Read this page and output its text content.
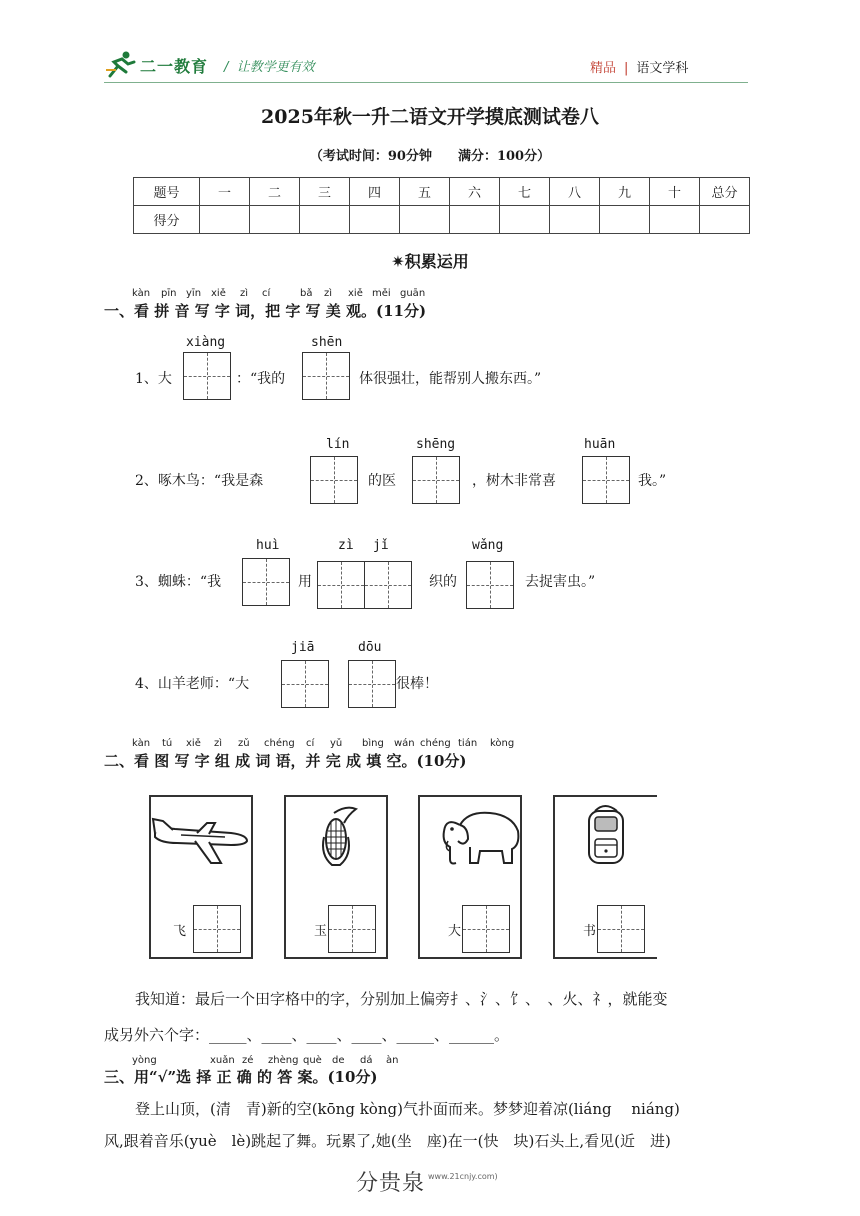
二一教育 /  让教学更有效	精品 | 语文学科
2025年秋一升二语文开学摸底测试卷八
（考试时间：90分钟　　满分：100分）
题号	一	二	三	四	五	六	七	八	九	十	总分
得分											
✷积累运用
kàn pīn yīn xiě zì cí	bǎ zì xiě měi guān
一、看 拼 音 写 字 词，把 字 写 美 观。(11分)
1、大
xiàng
：“我的
shēn
体很强壮，能帮别人搬东西。”
2、啄木鸟：“我是森
lín
的医
shēng
，树木非常喜
huān
我。”
3、蜘蛛：“我
huì
用
zì jǐ
织的
wǎng
去捉害虫。”
4、山羊老师：“大
jiā	dōu
很棒！
kàn tú xiě zì zǔ chéng cí yǔ bìng wán chéng tián kòng
二、看 图 写 字 组 成 词 语，并 完 成 填 空。(10分)
飞	玉	大	书
我知道：最后一个田字格中的字，分别加上偏旁扌、氵、饣、　、火、礻，就能变
成另外六个字：_____、____、____、____、_____、______。
yòng	xuǎn zé zhèng què de dá àn
三、用“√”选 择 正 确 的 答 案。(10分)
登上山顶，(清　青)新的空(kōng kòng)气扑面而来。梦梦迎着凉(liáng　 niáng)
风,跟着音乐(yuè　lè)跳起了舞。玩累了,她(坐　座)在一(快　块)石头上,看见(近　进)
分贵泉 www.21cnjy.com)
